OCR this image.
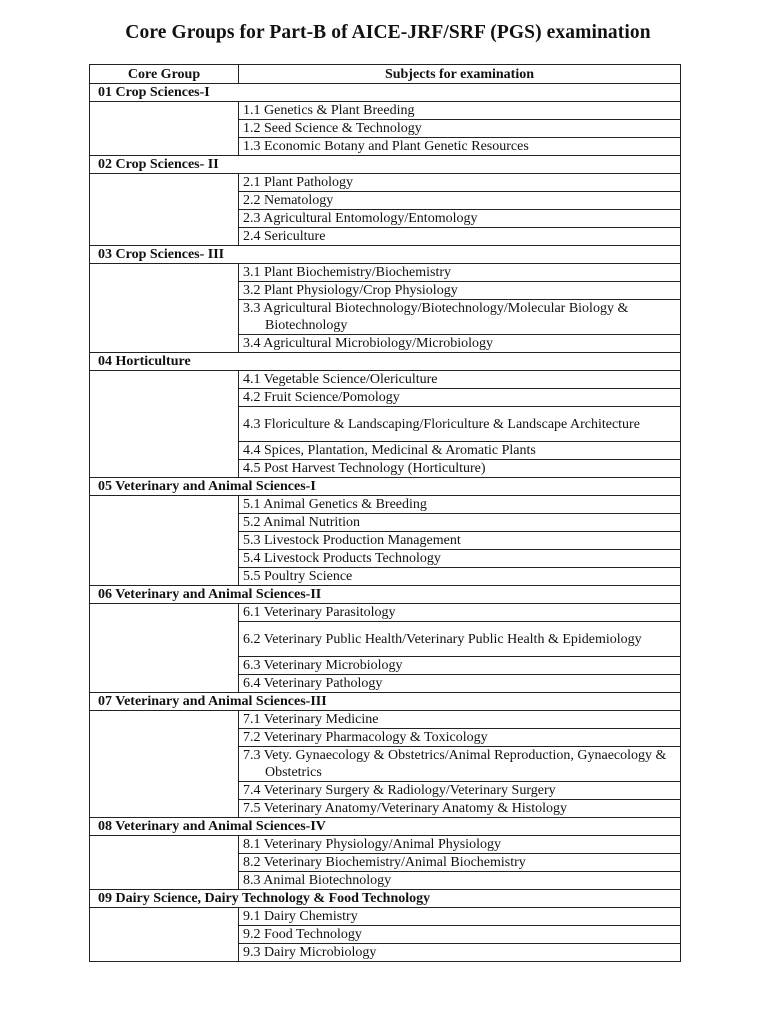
Core Groups for Part-B of AICE-JRF/SRF (PGS) examination
Core Group	Subjects for examination
01 Crop Sciences-I	

	1.1 Genetics & Plant Breeding

	1.2 Seed Science & Technology

	1.3 Economic Botany and Plant Genetic Resources

02 Crop Sciences- II	

	2.1 Plant Pathology

	2.2 Nematology

	2.3 Agricultural Entomology/Entomology

	2.4 Sericulture

03 Crop Sciences- III	

	3.1 Plant Biochemistry/Biochemistry

	3.2 Plant Physiology/Crop Physiology

	3.3 Agricultural Biotechnology/Biotechnology/Molecular Biology & Biotechnology

	3.4 Agricultural Microbiology/Microbiology

04 Horticulture	

	4.1 Vegetable Science/Olericulture

	4.2 Fruit Science/Pomology

	4.3 Floriculture & Landscaping/Floriculture & Landscape Architecture

	4.4 Spices, Plantation, Medicinal & Aromatic Plants

	4.5 Post Harvest Technology (Horticulture)

05 Veterinary and Animal Sciences-I	

	5.1 Animal Genetics & Breeding

	5.2 Animal Nutrition

	5.3 Livestock Production Management

	5.4 Livestock Products Technology

	5.5 Poultry Science

06 Veterinary and Animal Sciences-II	

	6.1 Veterinary Parasitology

	6.2 Veterinary Public Health/Veterinary Public Health & Epidemiology

	6.3 Veterinary Microbiology

	6.4 Veterinary Pathology

07 Veterinary and Animal Sciences-III	

	7.1 Veterinary Medicine

	7.2 Veterinary Pharmacology & Toxicology

	7.3 Vety. Gynaecology & Obstetrics/Animal Reproduction, Gynaecology & Obstetrics

	7.4 Veterinary Surgery & Radiology/Veterinary Surgery

	7.5 Veterinary Anatomy/Veterinary Anatomy & Histology

08 Veterinary and Animal Sciences-IV	

	8.1 Veterinary Physiology/Animal Physiology

	8.2 Veterinary Biochemistry/Animal Biochemistry

	8.3 Animal Biotechnology

09 Dairy Science, Dairy Technology & Food Technology	

	9.1 Dairy Chemistry

	9.2 Food Technology

	9.3 Dairy Microbiology
